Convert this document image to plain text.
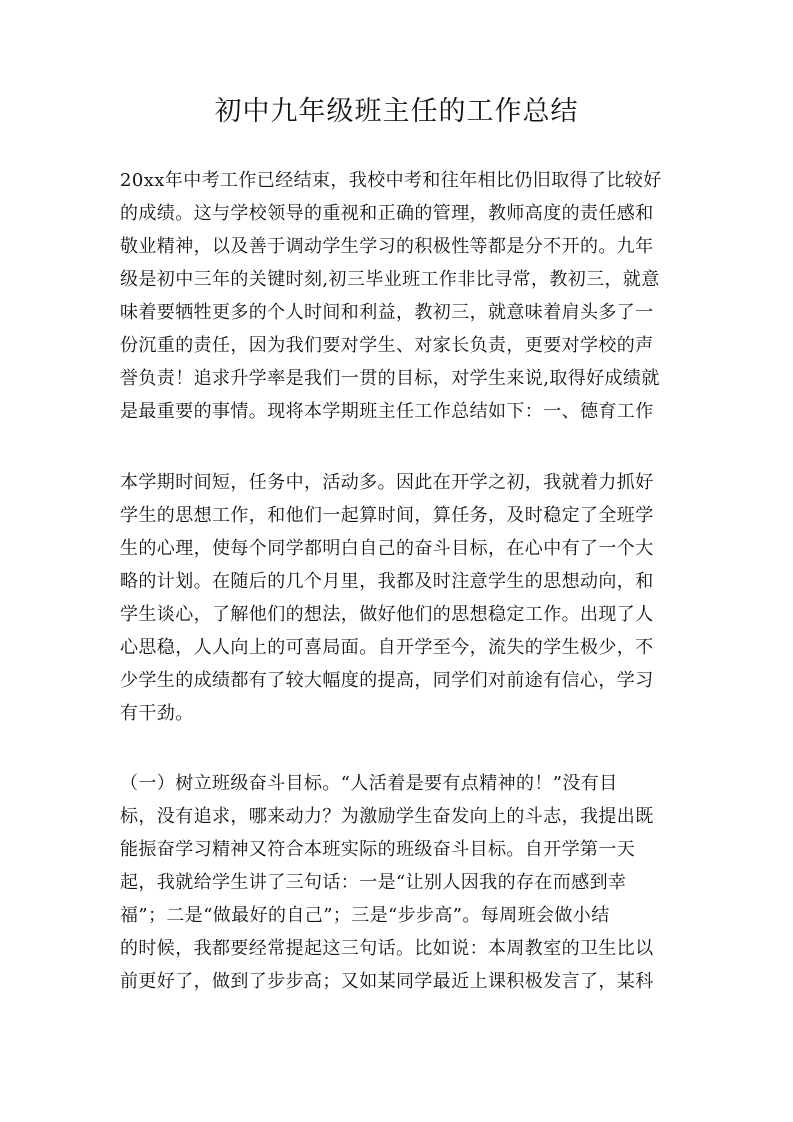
初中九年级班主任的工作总结
20xx年中考工作已经结束，我校中考和往年相比仍旧取得了比较好
的成绩。这与学校领导的重视和正确的管理，教师高度的责任感和
敬业精神，以及善于调动学生学习的积极性等都是分不开的。九年
级是初中三年的关键时刻,初三毕业班工作非比寻常，教初三，就意
味着要牺牲更多的个人时间和利益，教初三，就意味着肩头多了一
份沉重的责任，因为我们要对学生、对家长负责，更要对学校的声
誉负责！追求升学率是我们一贯的目标，对学生来说,取得好成绩就
是最重要的事情。现将本学期班主任工作总结如下：一、德育工作
本学期时间短，任务中，活动多。因此在开学之初，我就着力抓好
学生的思想工作，和他们一起算时间，算任务，及时稳定了全班学
生的心理，使每个同学都明白自己的奋斗目标，在心中有了一个大
略的计划。在随后的几个月里，我都及时注意学生的思想动向，和
学生谈心，了解他们的想法，做好他们的思想稳定工作。出现了人
心思稳，人人向上的可喜局面。自开学至今，流失的学生极少，不
少学生的成绩都有了较大幅度的提高，同学们对前途有信心，学习
有干劲。
（一）树立班级奋斗目标。“人活着是要有点精神的！”没有目
标，没有追求，哪来动力？为激励学生奋发向上的斗志，我提出既
能振奋学习精神又符合本班实际的班级奋斗目标。自开学第一天
起，我就给学生讲了三句话：一是“让别人因我的存在而感到幸
福”；二是“做最好的自己”；三是“步步高”。每周班会做小结
的时候，我都要经常提起这三句话。比如说：本周教室的卫生比以
前更好了，做到了步步高；又如某同学最近上课积极发言了，某科
